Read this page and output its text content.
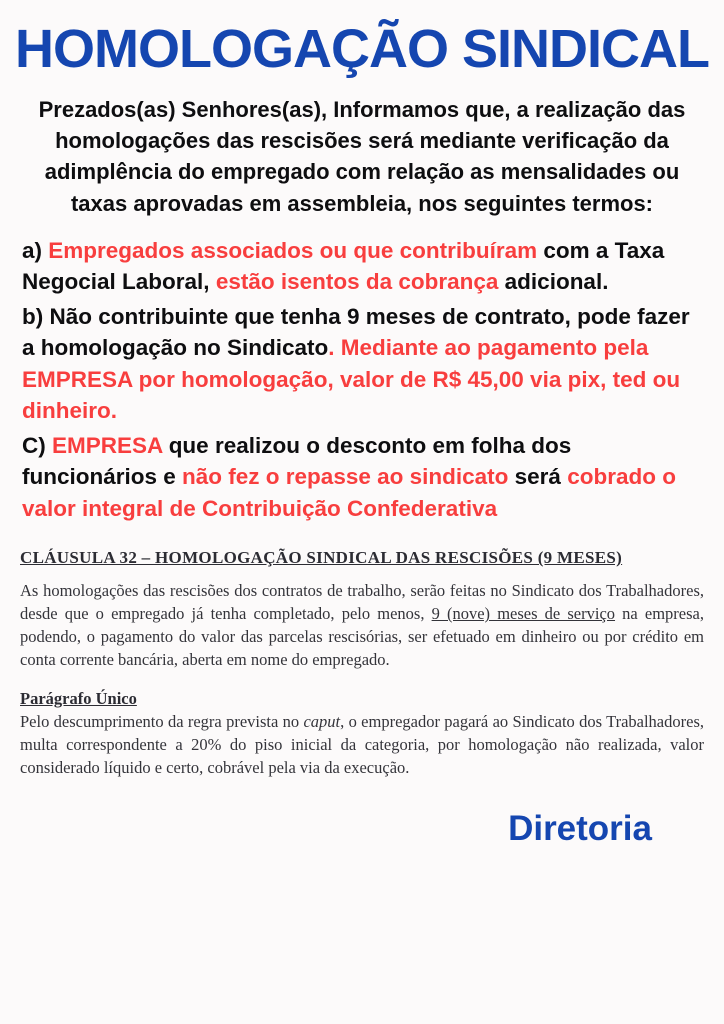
HOMOLOGAÇÃO SINDICAL

Prezados(as) Senhores(as), Informamos que, a realização das homologações das rescisões será mediante verificação da adimplência do empregado com relação as mensalidades ou taxas aprovadas em assembleia, nos seguintes termos:

a) Empregados associados ou que contribuíram com a Taxa Negocial Laboral, estão isentos da cobrança adicional.

b) Não contribuinte que tenha 9 meses de contrato, pode fazer a homologação no Sindicato. Mediante ao pagamento pela EMPRESA por homologação, valor de R$ 45,00 via pix, ted ou dinheiro.

C) EMPRESA que realizou o desconto em folha dos funcionários e não fez o repasse ao sindicato será cobrado o valor integral de Contribuição Confederativa

CLÁUSULA 32 – HOMOLOGAÇÃO SINDICAL DAS RESCISÕES (9 MESES)

As homologações das rescisões dos contratos de trabalho, serão feitas no Sindicato dos Trabalhadores, desde que o empregado já tenha completado, pelo menos, 9 (nove) meses de serviço na empresa, podendo, o pagamento do valor das parcelas rescisórias, ser efetuado em dinheiro ou por crédito em conta corrente bancária, aberta em nome do empregado.

Parágrafo Único

Pelo descumprimento da regra prevista no caput, o empregador pagará ao Sindicato dos Trabalhadores, multa correspondente a 20% do piso inicial da categoria, por homologação não realizada, valor considerado líquido e certo, cobrável pela via da execução.

Diretoria
